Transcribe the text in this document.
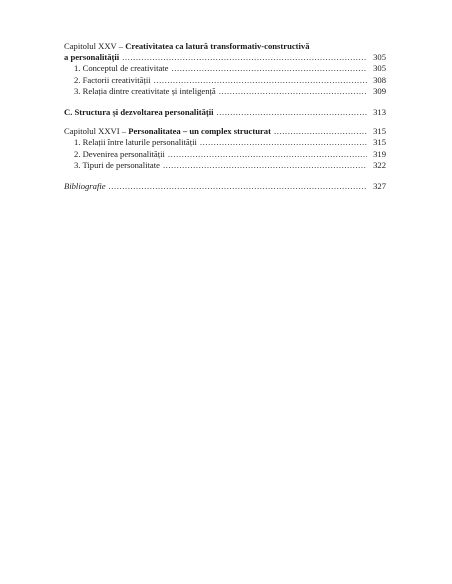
Capitolul XXV – Creativitatea ca latură transformativ-constructivă
a personalității .....	305
1. Conceptul de creativitate .....	305
2. Factorii creativității .....	308
3. Relația dintre creativitate și inteligență .....	309
C. Structura și dezvoltarea personalității .....	313
Capitolul XXVI – Personalitatea – un complex structurat .....	315
1. Relații între laturile personalității .....	315
2. Devenirea personalității .....	319
3. Tipuri de personalitate .....	322
Bibliografie .....	327
